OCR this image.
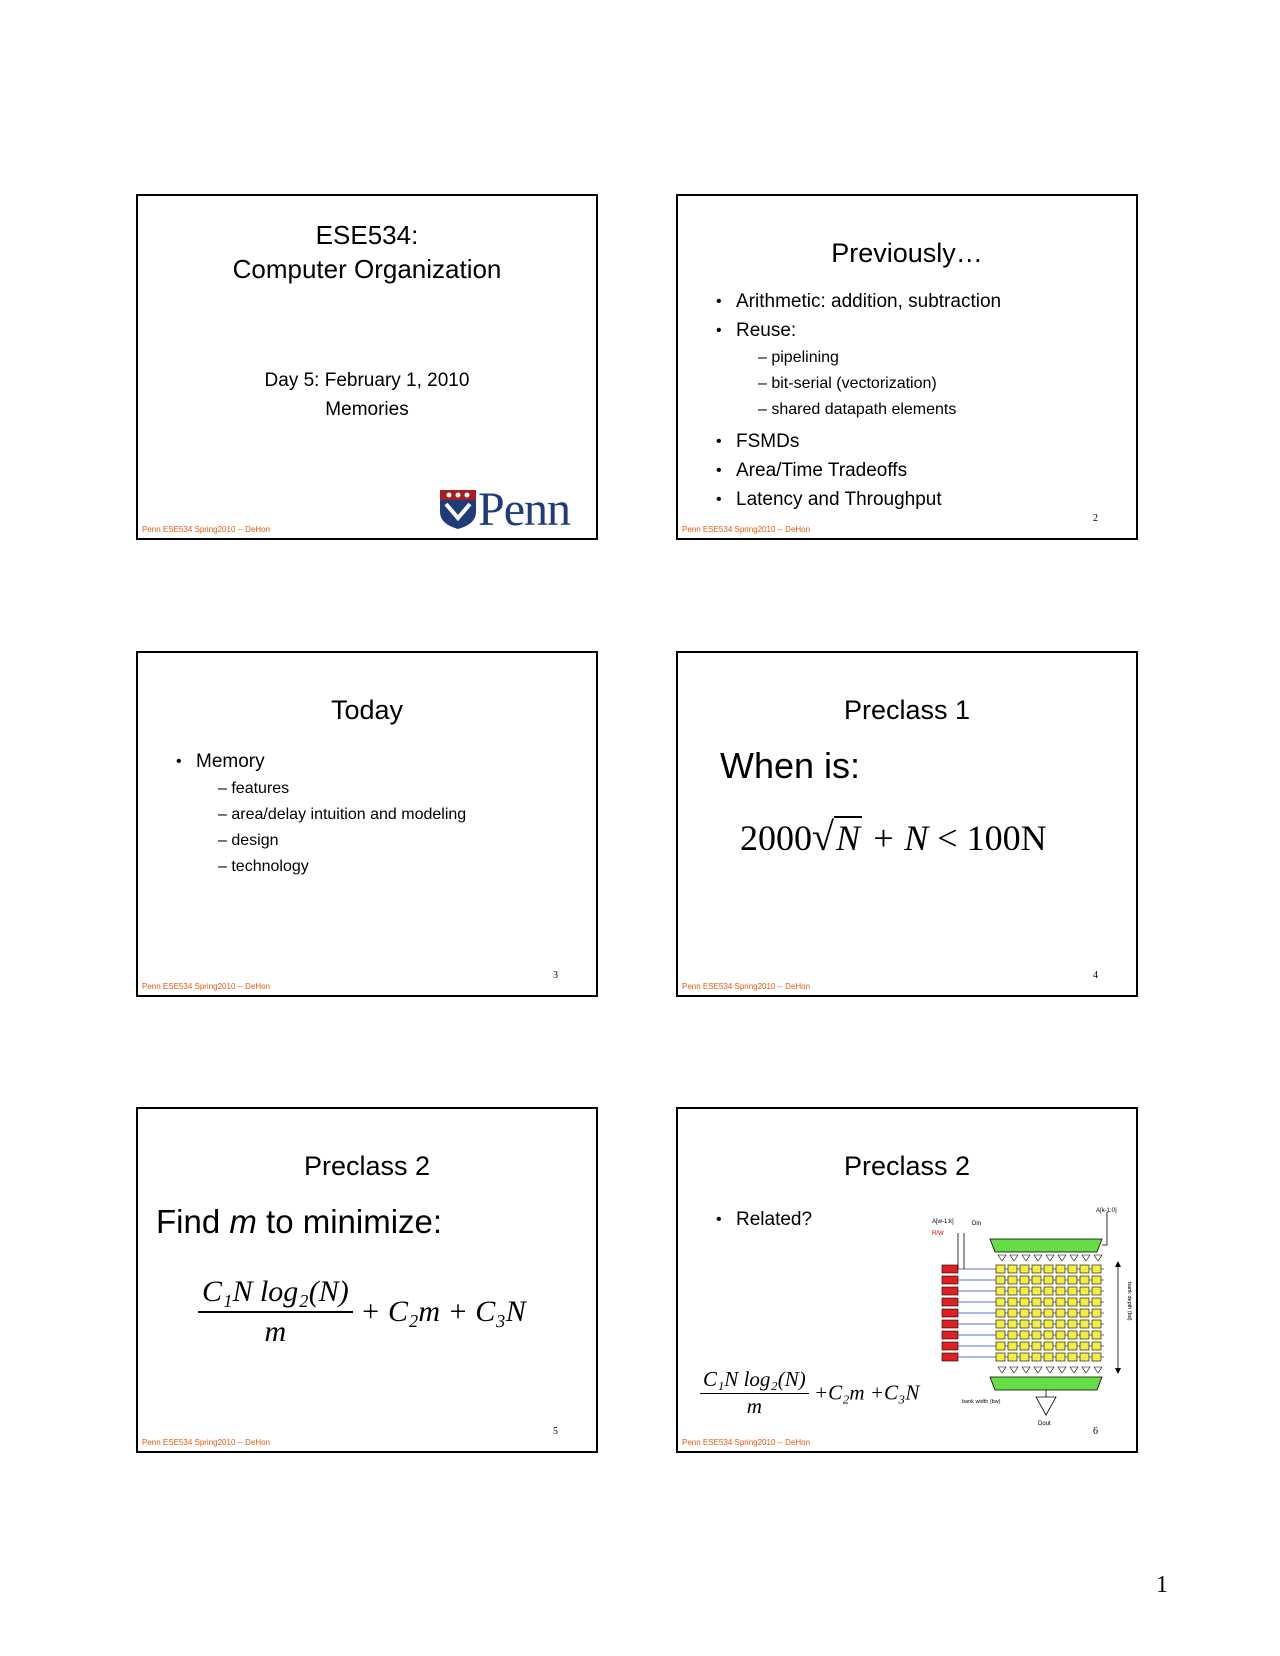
ESE534:
Computer Organization
Day 5: February 1, 2010
Memories
Penn
Penn ESE534 Spring2010 -- DeHon
Previously…
• Arithmetic: addition, subtraction
• Reuse:
– pipelining
– bit-serial (vectorization)
– shared datapath elements
• FSMDs
• Area/Time Tradeoffs
• Latency and Throughput
2
Penn ESE534 Spring2010 -- DeHon
Today
• Memory
– features
– area/delay intuition and modeling
– design
– technology
3
Penn ESE534 Spring2010 -- DeHon
Preclass 1
When is:
2000√N + N < 100N
4
Penn ESE534 Spring2010 -- DeHon
Preclass 2
Find m to minimize:
$\frac{\text{C₁N log₂(N)}}{m} + C_2m + C_3N$
5
Penn ESE534 Spring2010 -- DeHon
Preclass 2
• Related?
$\frac{\text{C₁N log₂(N)}}{m} +C_2m +C_3N$
A[k-1:0]
A[w-1:k]	Din
R/W
bank width (bw)
Dout
bank depth (bd)
6
Penn ESE534 Spring2010 -- DeHon
1
